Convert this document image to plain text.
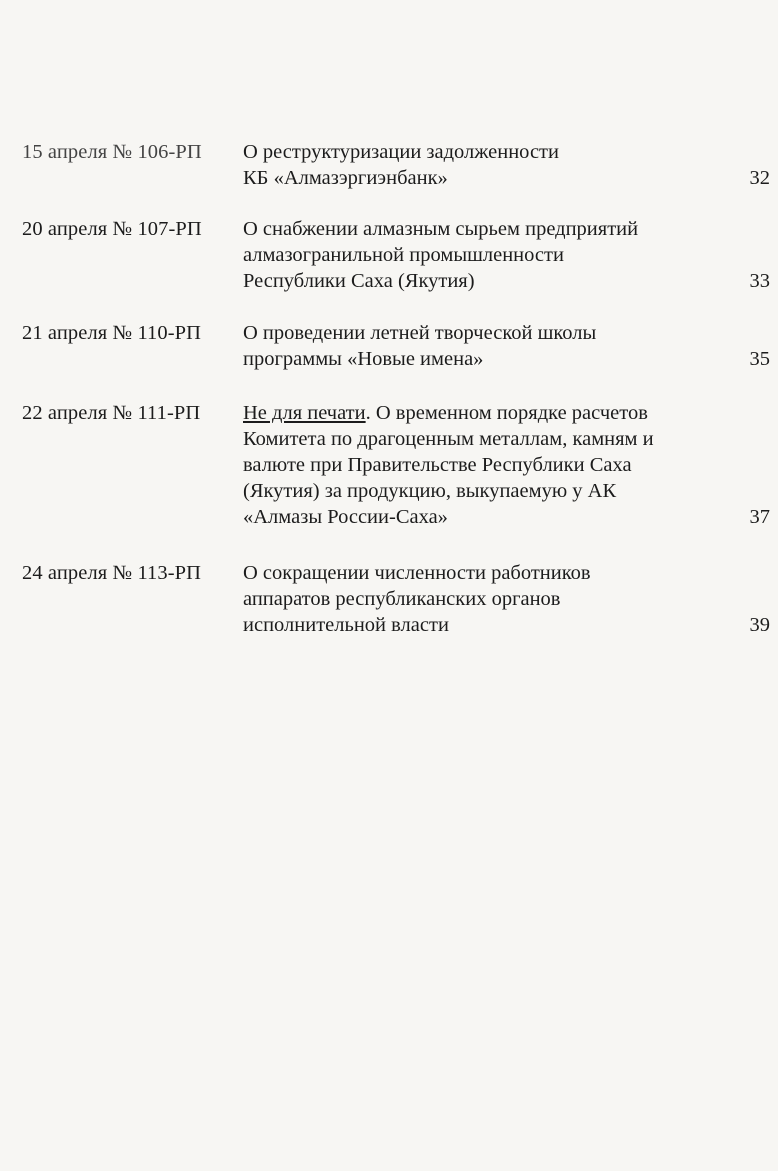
15 апреля № 106-РП О реструктуризации задолженности
КБ «Алмазэргиэнбанк»	32
20 апреля № 107-РП О снабжении алмазным сырьем предприятий
алмазогранильной промышленности
Республики Саха (Якутия)	33
21 апреля № 110-РП О проведении летней творческой школы
программы «Новые имена»	35
22 апреля № 111-РП Не для печати. О временном порядке расчетов
Комитета по драгоценным металлам, камням и
валюте при Правительстве Республики Саха
(Якутия) за продукцию, выкупаемую у АК
«Алмазы России-Саха»	37
24 апреля № 113-РП О сокращении численности работников
аппаратов республиканских органов
исполнительной власти	39
